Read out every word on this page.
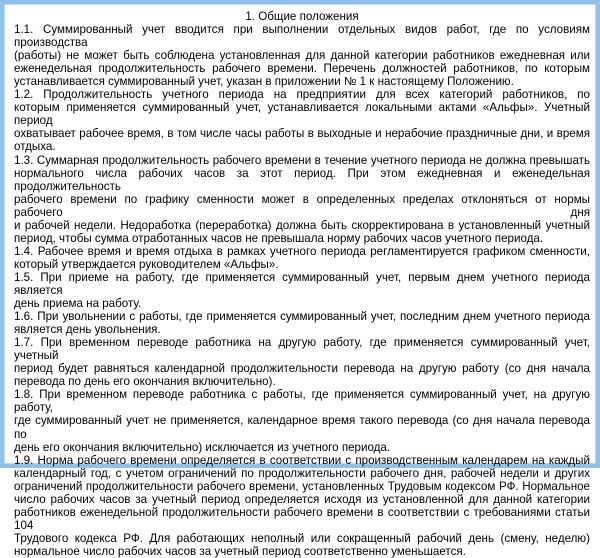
1. Общие положения
1.1. Суммированный учет вводится при выполнении отдельных видов работ, где по условиям производства
(работы) не может быть соблюдена установленная для данной категории работников ежедневная или
еженедельная продолжительность рабочего времени. Перечень должностей работников, по которым
устанавливается суммированный учет, указан в приложении № 1 к настоящему Положению.
1.2. Продолжительность учетного периода на предприятии для всех категорий работников, по
которым применяется суммированный учет, устанавливается локальными актами «Альфы». Учетный период
охватывает рабочее время, в том числе часы работы в выходные и нерабочие праздничные дни, и время
отдыха.
1.3. Суммарная продолжительность рабочего времени в течение учетного периода не должна превышать
нормального числа рабочих часов за этот период. При этом ежедневная и еженедельная продолжительность
рабочего времени по графику сменности может в определенных пределах отклоняться от нормы рабочего дня
и рабочей недели. Недоработка (переработка) должна быть скорректирована в установленный учетный
период, чтобы сумма отработанных часов не превышала норму рабочих часов учетного периода.
1.4. Рабочее время и время отдыха в рамках учетного периода регламентируется графиком сменности,
который утверждается руководителем «Альфы».
1.5. При приеме на работу, где применяется суммированный учет, первым днем учетного периода является
день приема на работу.
1.6. При увольнении с работы, где применяется суммированный учет, последним днем учетного периода
является день увольнения.
1.7. При временном переводе работника на другую работу, где применяется суммированный учет, учетный
период будет равняться календарной продолжительности перевода на другую работу (со дня начала
перевода по день его окончания включительно).
1.8. При временном переводе работника с работы, где применяется суммированный учет, на другую работу,
где суммированный учет не применяется, календарное время такого перевода (со дня начала перевода по
день его окончания включительно) исключается из учетного периода.
1.9. Норма рабочего времени определяется в соответствии с производственным календарем на каждый
календарный год, с учетом ограничений по продолжительности рабочего дня, рабочей недели и других
ограничений продолжительности рабочего времени, установленных Трудовым кодексом РФ. Нормальное
число рабочих часов за учетный период определяется исходя из установленной для данной категории
работников еженедельной продолжительности рабочего времени в соответствии с требованиями статьи 104
Трудового кодекса РФ. Для работающих неполный или сокращенный рабочий день (смену, неделю)
нормальное число рабочих часов за учетный период соответственно уменьшается.
